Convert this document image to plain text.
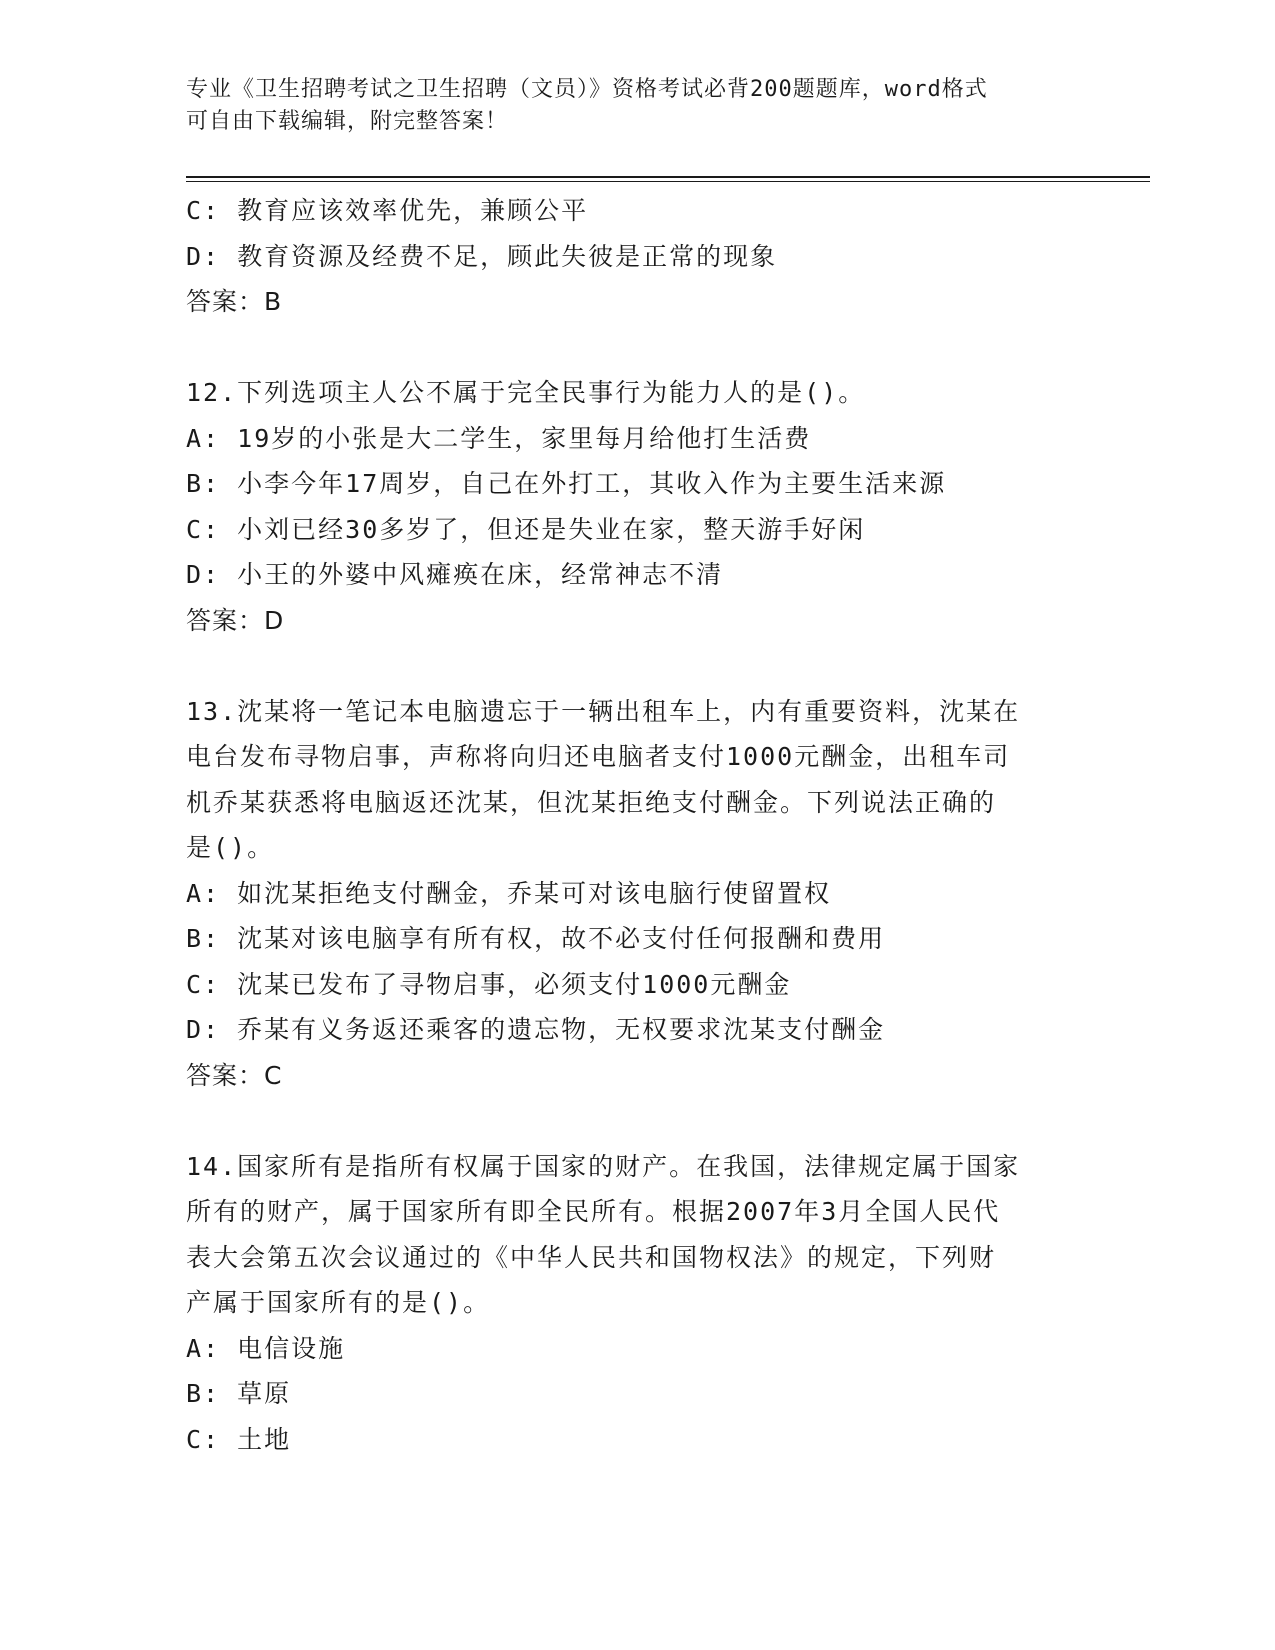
专业《卫生招聘考试之卫生招聘（文员）》资格考试必背200题题库，word格式
可自由下载编辑，附完整答案！
C: 教育应该效率优先，兼顾公平
D: 教育资源及经费不足，顾此失彼是正常的现象
答案：B
12.下列选项主人公不属于完全民事行为能力人的是()。
A: 19岁的小张是大二学生，家里每月给他打生活费
B: 小李今年17周岁，自己在外打工，其收入作为主要生活来源
C: 小刘已经30多岁了，但还是失业在家，整天游手好闲
D: 小王的外婆中风瘫痪在床，经常神志不清
答案：D
13.沈某将一笔记本电脑遗忘于一辆出租车上，内有重要资料，沈某在
电台发布寻物启事，声称将向归还电脑者支付1000元酬金，出租车司
机乔某获悉将电脑返还沈某，但沈某拒绝支付酬金。下列说法正确的
是()。
A: 如沈某拒绝支付酬金，乔某可对该电脑行使留置权
B: 沈某对该电脑享有所有权，故不必支付任何报酬和费用
C: 沈某已发布了寻物启事，必须支付1000元酬金
D: 乔某有义务返还乘客的遗忘物，无权要求沈某支付酬金
答案：C
14.国家所有是指所有权属于国家的财产。在我国，法律规定属于国家
所有的财产，属于国家所有即全民所有。根据2007年3月全国人民代
表大会第五次会议通过的《中华人民共和国物权法》的规定，下列财
产属于国家所有的是()。
A: 电信设施
B: 草原
C: 土地
